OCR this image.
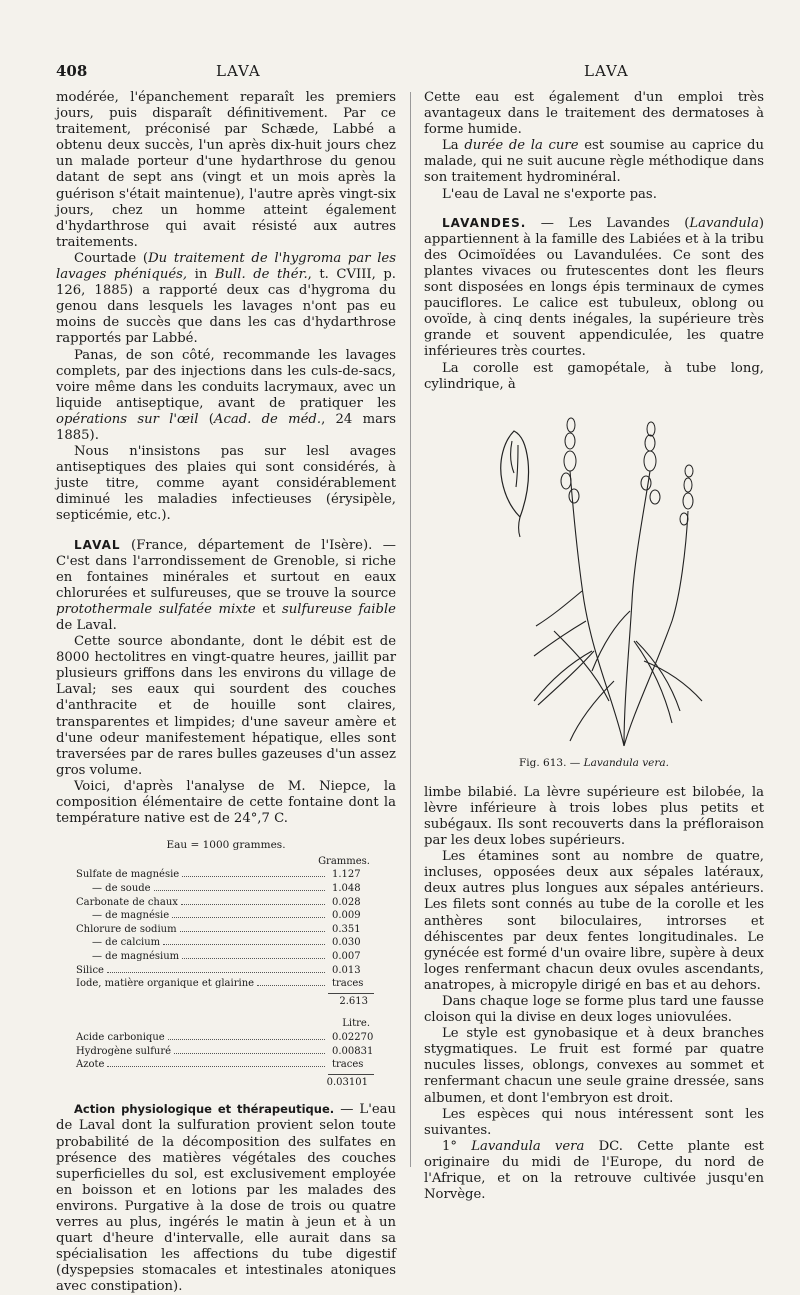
408	LAVA	LAVA

modérée, l'épanchement reparaît les premiers jours, puis disparaît définitivement. Par ce traitement, préconisé par Schæde, Labbé a obtenu deux succès, l'un après dix-huit jours chez un malade porteur d'une hydarthrose du genou datant de sept ans (vingt et un mois après la guérison s'était maintenue), l'autre après vingt-six jours, chez un homme atteint également d'hydarthrose qui avait résisté aux autres traitements.

Courtade (Du traitement de l'hygroma par les lavages phéniqués, in Bull. de thér., t. CVIII, p. 126, 1885) a rapporté deux cas d'hygroma du genou dans lesquels les lavages n'ont pas eu moins de succès que dans les cas d'hydarthrose rapportés par Labbé.

Panas, de son côté, recommande les lavages complets, par des injections dans les culs-de-sacs, voire même dans les conduits lacrymaux, avec un liquide antiseptique, avant de pratiquer les opérations sur l'œil (Acad. de méd., 24 mars 1885).

Nous n'insistons pas sur lesl avages antiseptiques des plaies qui sont considérés, à juste titre, comme ayant considérablement diminué les maladies infectieuses (érysipèle, septicémie, etc.).

LAVAL (France, département de l'Isère). — C'est dans l'arrondissement de Grenoble, si riche en fontaines minérales et surtout en eaux chlorurées et sulfureuses, que se trouve la source protothermale sulfatée mixte et sulfureuse faible de Laval.

Cette source abondante, dont le débit est de 8000 hectolitres en vingt-quatre heures, jaillit par plusieurs griffons dans les environs du village de Laval; ses eaux qui sourdent des couches d'anthracite et de houille sont claires, transparentes et limpides; d'une saveur amère et d'une odeur manifestement hépatique, elles sont traversées par de rares bulles gazeuses d'un assez gros volume.

Voici, d'après l'analyse de M. Niepce, la composition élémentaire de cette fontaine dont la température native est de 24°,7 C.

Eau = 1000 grammes.
Grammes.
Sulfate de magnésie	1.127
— de soude	1.048
Carbonate de chaux	0.028
— de magnésie	0.009
Chlorure de sodium	0.351
— de calcium	0.030
— de magnésium	0.007
Silice	0.013
Iode, matière organique et glairine	traces
2.613
Litre.
Acide carbonique	0.02270
Hydrogène sulfuré	0.00831
Azote	traces
0.03101

Action physiologique et thérapeutique. — L'eau de Laval dont la sulfuration provient selon toute probabilité de la décomposition des sulfates en présence des matières végétales des couches superficielles du sol, est exclusivement employée en boisson et en lotions par les malades des environs. Purgative à la dose de trois ou quatre verres au plus, ingérés le matin à jeun et à un quart d'heure d'intervalle, elle aurait dans sa spécialisation les affections du tube digestif (dyspepsies stomacales et intestinales atoniques avec constipation).

Cette eau est également d'un emploi très avantageux dans le traitement des dermatoses à forme humide.

La durée de la cure est soumise au caprice du malade, qui ne suit aucune règle méthodique dans son traitement hydrominéral.

L'eau de Laval ne s'exporte pas.

LAVANDES. — Les Lavandes (Lavandula) appartiennent à la famille des Labiées et à la tribu des Ocimoïdées ou Lavandulées. Ce sont des plantes vivaces ou frutescentes dont les fleurs sont disposées en longs épis terminaux de cymes pauciflores. Le calice est tubuleux, oblong ou ovoïde, à cinq dents inégales, la supérieure très grande et souvent appendiculée, les quatre inférieures très courtes.

La corolle est gamopétale, à tube long, cylindrique, à

Fig. 613. — Lavandula vera.

limbe bilabié. La lèvre supérieure est bilobée, la lèvre inférieure à trois lobes plus petits et subégaux. Ils sont recouverts dans la préfloraison par les deux lobes supérieurs.

Les étamines sont au nombre de quatre, incluses, opposées deux aux sépales latéraux, deux autres plus longues aux sépales antérieurs. Les filets sont connés au tube de la corolle et les anthères sont biloculaires, introrses et déhiscentes par deux fentes longitudinales. Le gynécée est formé d'un ovaire libre, supère à deux loges renfermant chacun deux ovules ascendants, anatropes, à micropyle dirigé en bas et au dehors.

Dans chaque loge se forme plus tard une fausse cloison qui la divise en deux loges uniovulées.

Le style est gynobasique et à deux branches stygmatiques. Le fruit est formé par quatre nucules lisses, oblongs, convexes au sommet et renfermant chacun une seule graine dressée, sans albumen, et dont l'embryon est droit.

Les espèces qui nous intéressent sont les suivantes.

1° Lavandula vera DC. Cette plante est originaire du midi de l'Europe, du nord de l'Afrique, et on la retrouve cultivée jusqu'en Norvège.
